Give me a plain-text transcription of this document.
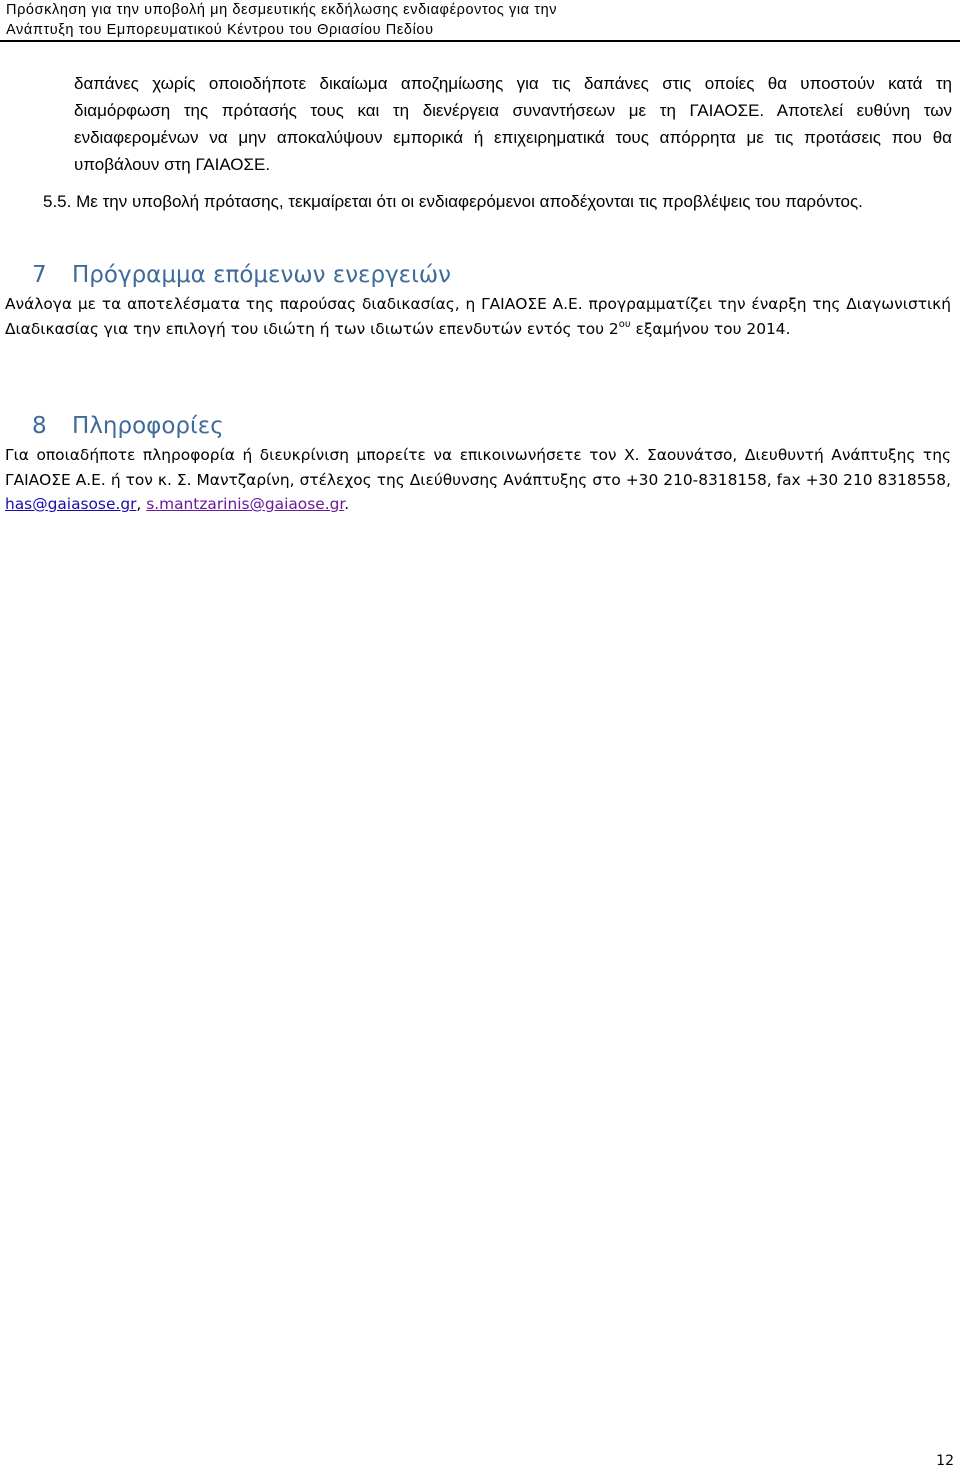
Πρόσκληση για την υποβολή μη δεσμευτικής εκδήλωσης ενδιαφέροντος για την
Ανάπτυξη του Εμπορευματικού Κέντρου του Θριασίου Πεδίου
δαπάνες χωρίς οποιοδήποτε δικαίωμα αποζημίωσης για τις δαπάνες στις οποίες θα υποστούν κατά τη
διαμόρφωση της πρότασής τους και τη διενέργεια συναντήσεων με τη ΓΑΙΑΟΣΕ. Αποτελεί ευθύνη των
ενδιαφερομένων να μην αποκαλύψουν εμπορικά ή επιχειρηματικά τους απόρρητα με τις προτάσεις που θα
υποβάλουν στη ΓΑΙΑΟΣΕ.
5.5. Με την υποβολή πρότασης, τεκμαίρεται ότι οι ενδιαφερόμενοι αποδέχονται τις προβλέψεις του παρόντος.
7 Πρόγραμμα επόμενων ενεργειών
Ανάλογα με τα αποτελέσματα της παρούσας διαδικασίας, η ΓΑΙΑΟΣΕ Α.Ε. προγραμματίζει την έναρξη της Διαγωνιστική
Διαδικασίας για την επιλογή του ιδιώτη ή των ιδιωτών επενδυτών εντός του $2^{o\upsilon}$ εξαμήνου του 2014.
8 Πληροφορίες
Για οποιαδήποτε πληροφορία ή διευκρίνιση μπορείτε να επικοινωνήσετε τον Χ. Σαουνάτσο, Διευθυντή Ανάπτυξης της
ΓΑΙΑΟΣΕ Α.Ε. ή τον κ. Σ. Μαντζαρίνη, στέλεχος της Διεύθυνσης Ανάπτυξης στο +30 210-8318158, fax +30 210 8318558,
has@gaiasose.gr, s.mantzarinis@gaiaose.gr.
12
